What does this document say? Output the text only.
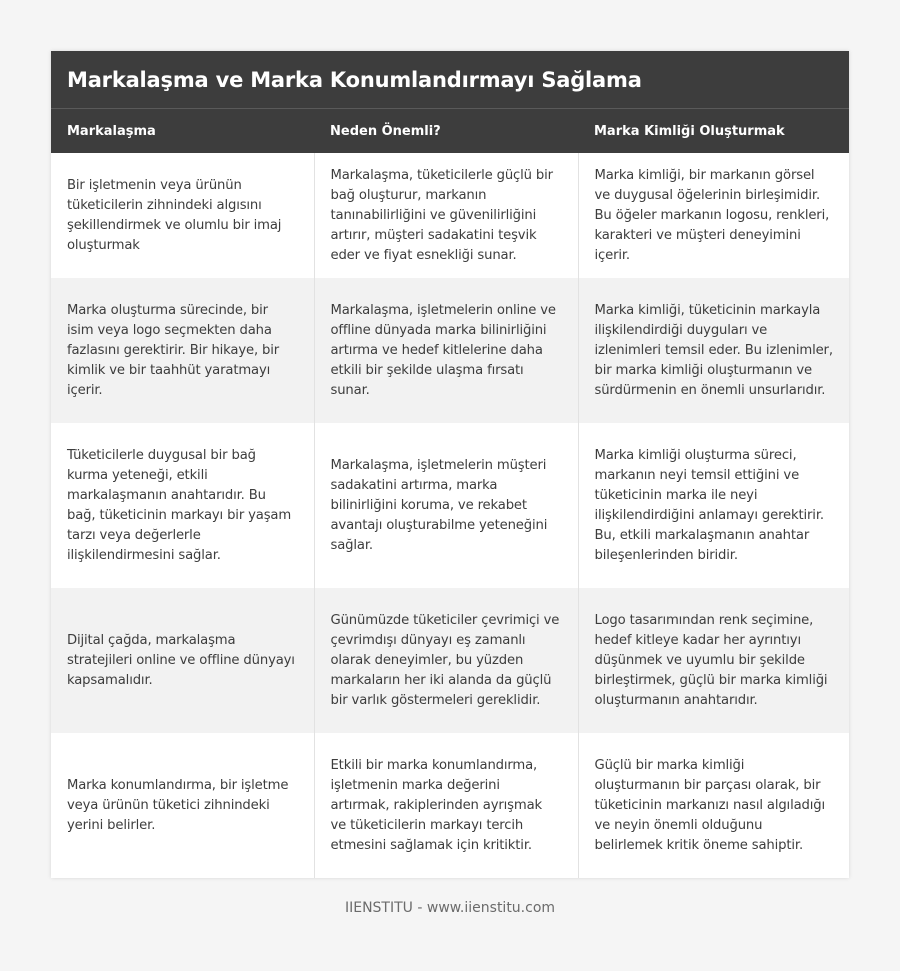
Markalaşma ve Marka Konumlandırmayı Sağlama
Markalaşma	Neden Önemli?	Marka Kimliği Oluşturmak
Bir işletmenin veya ürünün tüketicilerin zihnindeki algısını şekillendirmek ve olumlu bir imaj oluşturmak	Markalaşma, tüketicilerle güçlü bir bağ oluşturur, markanın tanınabilirliğini ve güvenilirliğini artırır, müşteri sadakatini teşvik eder ve fiyat esnekliği sunar.	Marka kimliği, bir markanın görsel ve duygusal öğelerinin birleşimidir. Bu öğeler markanın logosu, renkleri, karakteri ve müşteri deneyimini içerir.
Marka oluşturma sürecinde, bir isim veya logo seçmekten daha fazlasını gerektirir. Bir hikaye, bir kimlik ve bir taahhüt yaratmayı içerir.	Markalaşma, işletmelerin online ve offline dünyada marka bilinirliğini artırma ve hedef kitlelerine daha etkili bir şekilde ulaşma fırsatı sunar.	Marka kimliği, tüketicinin markayla ilişkilendirdiği duyguları ve izlenimleri temsil eder. Bu izlenimler, bir marka kimliği oluşturmanın ve sürdürmenin en önemli unsurlarıdır.
Tüketicilerle duygusal bir bağ kurma yeteneği, etkili markalaşmanın anahtarıdır. Bu bağ, tüketicinin markayı bir yaşam tarzı veya değerlerle ilişkilendirmesini sağlar.	Markalaşma, işletmelerin müşteri sadakatini artırma, marka bilinirliğini koruma, ve rekabet avantajı oluşturabilme yeteneğini sağlar.	Marka kimliği oluşturma süreci, markanın neyi temsil ettiğini ve tüketicinin marka ile neyi ilişkilendirdiğini anlamayı gerektirir. Bu, etkili markalaşmanın anahtar bileşenlerinden biridir.
Dijital çağda, markalaşma stratejileri online ve offline dünyayı kapsamalıdır.	Günümüzde tüketiciler çevrimiçi ve çevrimdışı dünyayı eş zamanlı olarak deneyimler, bu yüzden markaların her iki alanda da güçlü bir varlık göstermeleri gereklidir.	Logo tasarımından renk seçimine, hedef kitleye kadar her ayrıntıyı düşünmek ve uyumlu bir şekilde birleştirmek, güçlü bir marka kimliği oluşturmanın anahtarıdır.
Marka konumlandırma, bir işletme veya ürünün tüketici zihnindeki yerini belirler.	Etkili bir marka konumlandırma, işletmenin marka değerini artırmak, rakiplerinden ayrışmak ve tüketicilerin markayı tercih etmesini sağlamak için kritiktir.	Güçlü bir marka kimliği oluşturmanın bir parçası olarak, bir tüketicinin markanızı nasıl algıladığı ve neyin önemli olduğunu belirlemek kritik öneme sahiptir.
IIENSTITU - www.iienstitu.com
